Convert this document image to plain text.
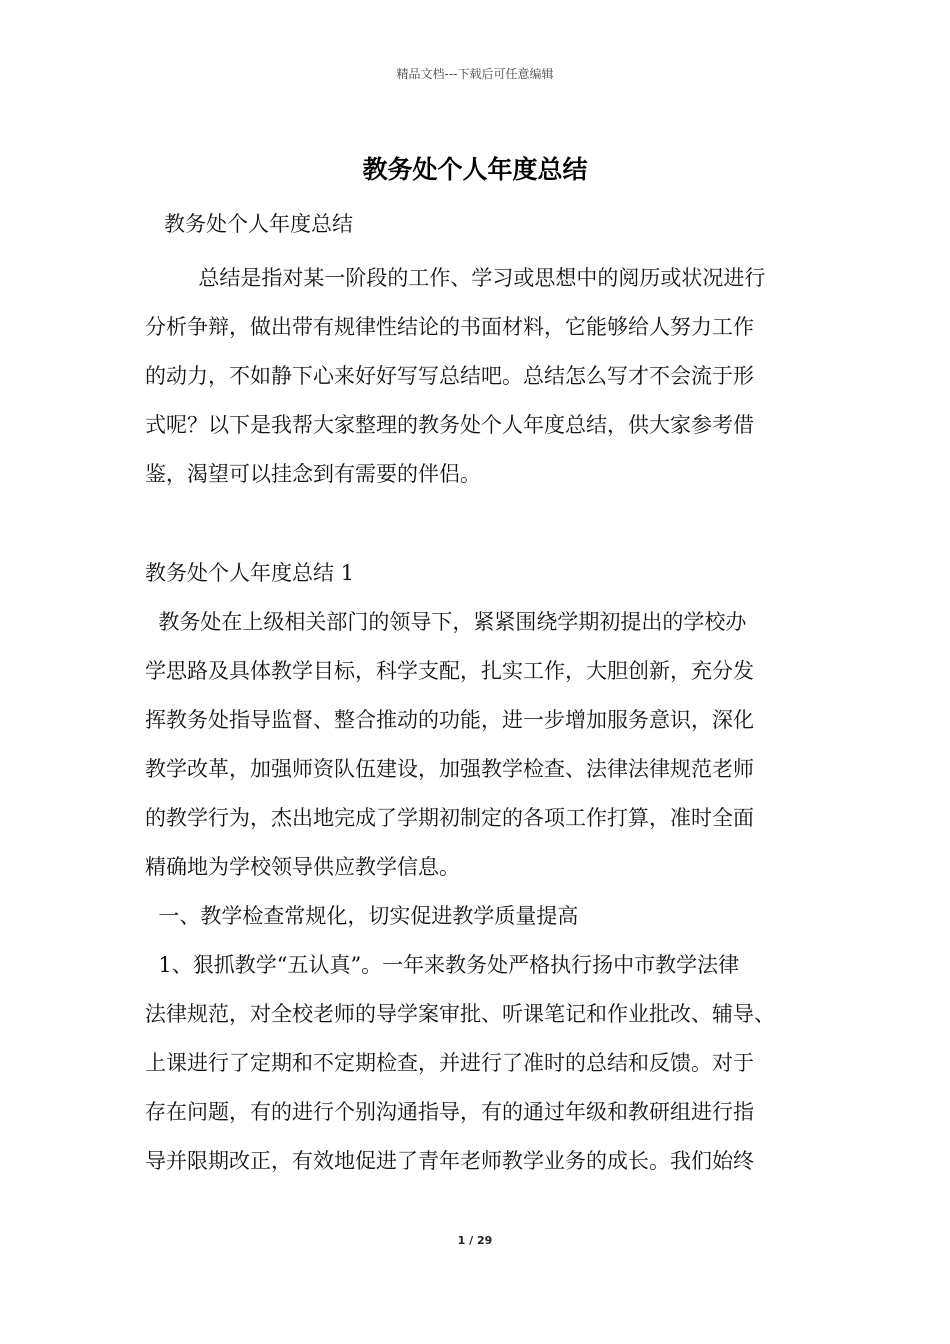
精品文档---下载后可任意编辑
教务处个人年度总结
教务处个人年度总结
总结是指对某一阶段的工作、学习或思想中的阅历或状况进行
分析争辩，做出带有规律性结论的书面材料，它能够给人努力工作
的动力，不如静下心来好好写写总结吧。总结怎么写才不会流于形
式呢？以下是我帮大家整理的教务处个人年度总结，供大家参考借
鉴，渴望可以挂念到有需要的伴侣。
教务处个人年度总结 1
教务处在上级相关部门的领导下，紧紧围绕学期初提出的学校办
学思路及具体教学目标，科学支配，扎实工作，大胆创新，充分发
挥教务处指导监督、整合推动的功能，进一步增加服务意识，深化
教学改革，加强师资队伍建设，加强教学检查、法律法律规范老师
的教学行为，杰出地完成了学期初制定的各项工作打算，准时全面
精确地为学校领导供应教学信息。
一、教学检查常规化，切实促进教学质量提高
1、狠抓教学“五认真”。一年来教务处严格执行扬中市教学法律
法律规范，对全校老师的导学案审批、听课笔记和作业批改、辅导、
上课进行了定期和不定期检查，并进行了准时的总结和反馈。对于
存在问题，有的进行个别沟通指导，有的通过年级和教研组进行指
导并限期改正，有效地促进了青年老师教学业务的成长。我们始终
1 / 29
